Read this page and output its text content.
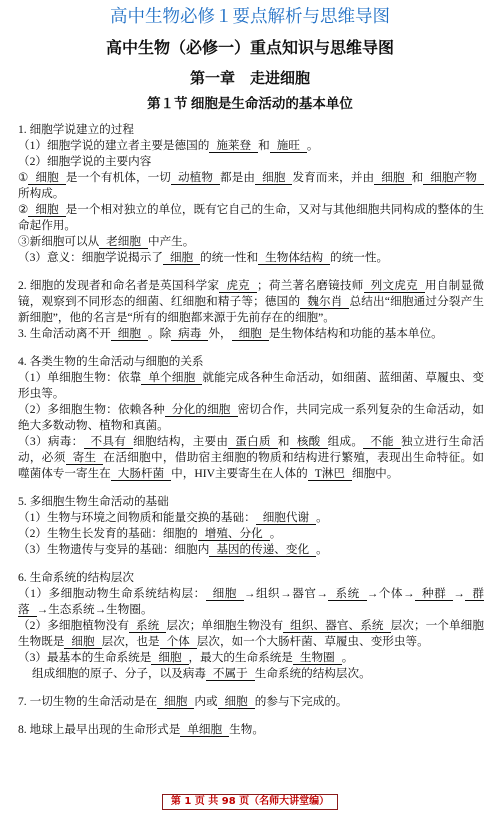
高中生物必修１要点解析与思维导图
高中生物（必修一）重点知识与思维导图
第一章　走进细胞
第１节 细胞是生命活动的基本单位

1. 细胞学说建立的过程

（1）细胞学说的建立者主要是德国的 施莱登 和 施旺 。

（2）细胞学说的主要内容

① 细胞 是一个有机体，一切 动植物 都是由 细胞 发育而来，并由 细胞 和 细胞产物所构成。

② 细胞 是一个相对独立的单位，既有它自己的生命，又对与其他细胞共同构成的整体的生命起作用。

③新细胞可以从 老细胞 中产生。

（3）意义：细胞学说揭示了 细胞 的统一性和 生物体结构 的统一性。

2. 细胞的发现者和命名者是英国科学家 虎克 ；荷兰著名磨镜技师 列文虎克 用自制显微镜，观察到不同形态的细菌、红细胞和精子等；德国的 魏尔肖 总结出“细胞通过分裂产生新细胞”，他的名言是“所有的细胞都来源于先前存在的细胞”。

3. 生命活动离不开 细胞 。除 病毒 外， 细胞 是生物体结构和功能的基本单位。

4. 各类生物的生命活动与细胞的关系

（1）单细胞生物：依靠 单个细胞 就能完成各种生命活动，如细菌、蓝细菌、草履虫、变形虫等。

（2）多细胞生物：依赖各种 分化的细胞 密切合作，共同完成一系列复杂的生命活动，如绝大多数动物、植物和真菌。

（3）病毒： 不具有 细胞结构，主要由 蛋白质 和 核酸 组成。 不能 独立进行生命活动，必须 寄生 在活细胞中，借助宿主细胞的物质和结构进行繁殖，表现出生命特征。如噬菌体专一寄生在 大肠杆菌 中，HIV主要寄生在人体的 T淋巴 细胞中。

5. 多细胞生物生命活动的基础

（1）生物与环境之间物质和能量交换的基础： 细胞代谢 。

（2）生物生长发育的基础：细胞的 增殖、分化 。

（3）生物遗传与变异的基础：细胞内 基因的传递、变化 。

6. 生命系统的结构层次

（1）多细胞动物生命系统结构层： 细胞 →组织→器官→ 系统 →个体→ 种群 → 群落 →生态系统→生物圈。

（2）多细胞植物没有 系统 层次；单细胞生物没有 组织、器官、系统 层次；一个单细胞生物既是 细胞 层次，也是 个体 层次，如一个大肠杆菌、草履虫、变形虫等。

（3）最基本的生命系统是 细胞 ，最大的生命系统是 生物圈 。

组成细胞的原子、分子，以及病毒 不属于 生命系统的结构层次。

7. 一切生物的生命活动是在 细胞 内或 细胞 的参与下完成的。

8. 地球上最早出现的生命形式是 单细胞 生物。

第 1 页 共 98 页（名师大讲堂编）
